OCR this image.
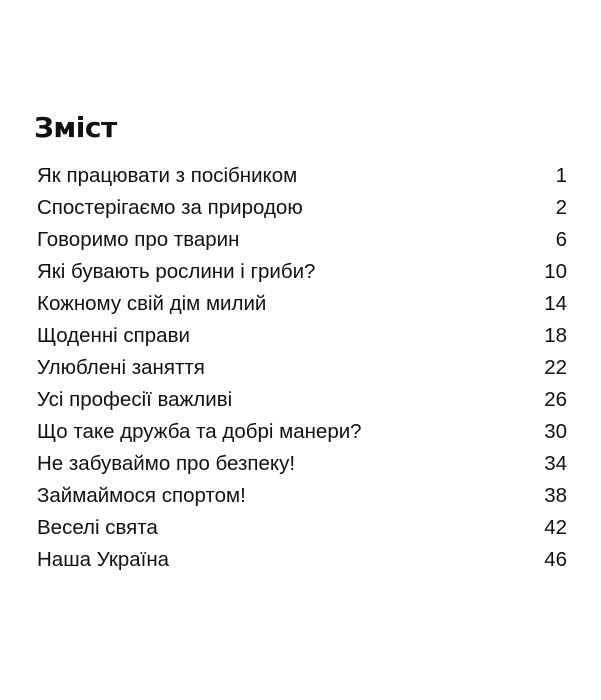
Зміст
Як працювати з посібником	1
Спостерігаємо за природою	2
Говоримо про тварин	6
Які бувають рослини і гриби?	10
Кожному свій дім милий	14
Щоденні справи	18
Улюблені заняття	22
Усі професії важливі	26
Що таке дружба та добрі манери?	30
Не забуваймо про безпеку!	34
Займаймося спортом!	38
Веселі свята	42
Наша Україна	46
